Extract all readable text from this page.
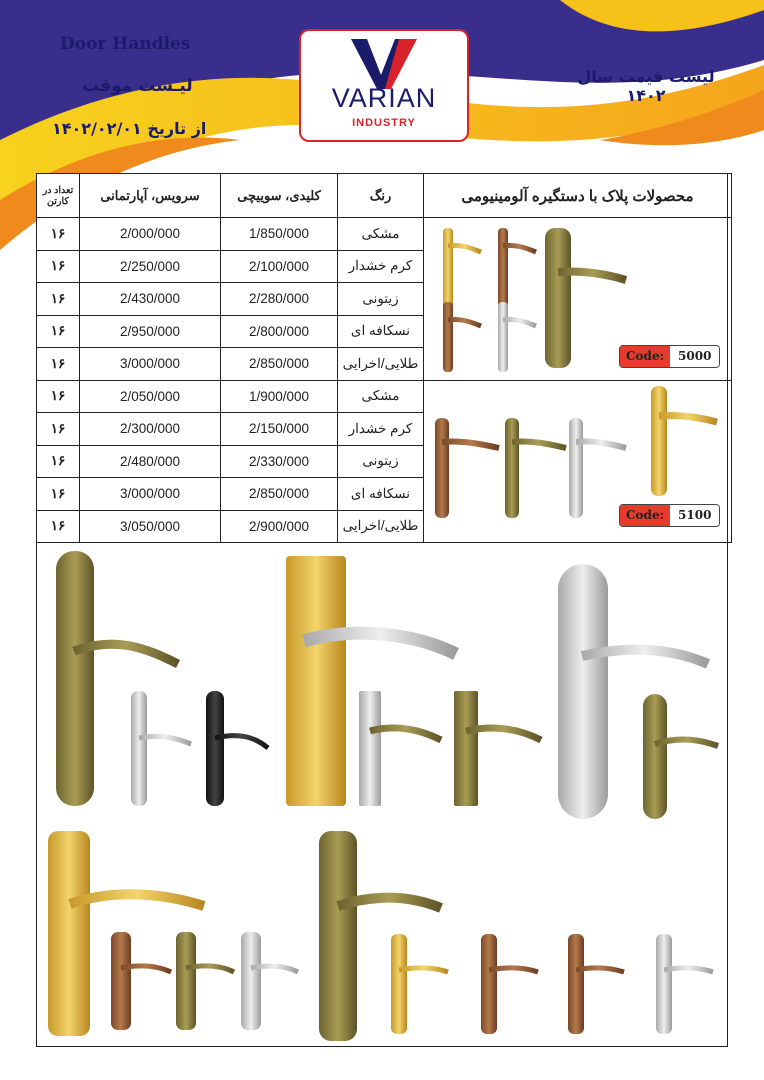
Door Handles
لیـست موقت
از تاریخ ۱۴۰۲/۰۲/۰۱
لیست قیمت سال ۱۴۰۲
VARIAN
INDUSTRY
تعداد در کارتن	سرویس، آپارتمانی	کلیدی، سوییچی	رنگ	محصولات پلاک با دستگیره آلومینیومی
۱۶	2/000/000	1/850/000	مشکی	
۱۶	2/250/000	2/100/000	کرم خشدار	
۱۶	2/430/000	2/280/000	زیتونی	
۱۶	2/950/000	2/800/000	نسکافه ای	
۱۶	3/000/000	2/850/000	طلایی/اخرایی	
۱۶	2/050/000	1/900/000	مشکی	
۱۶	2/300/000	2/150/000	کرم خشدار	
۱۶	2/480/000	2/330/000	زیتونی	
۱۶	3/000/000	2/850/000	نسکافه ای	
۱۶	3/050/000	2/900/000	طلایی/اخرایی	
Code:	5000
Code:	5100
